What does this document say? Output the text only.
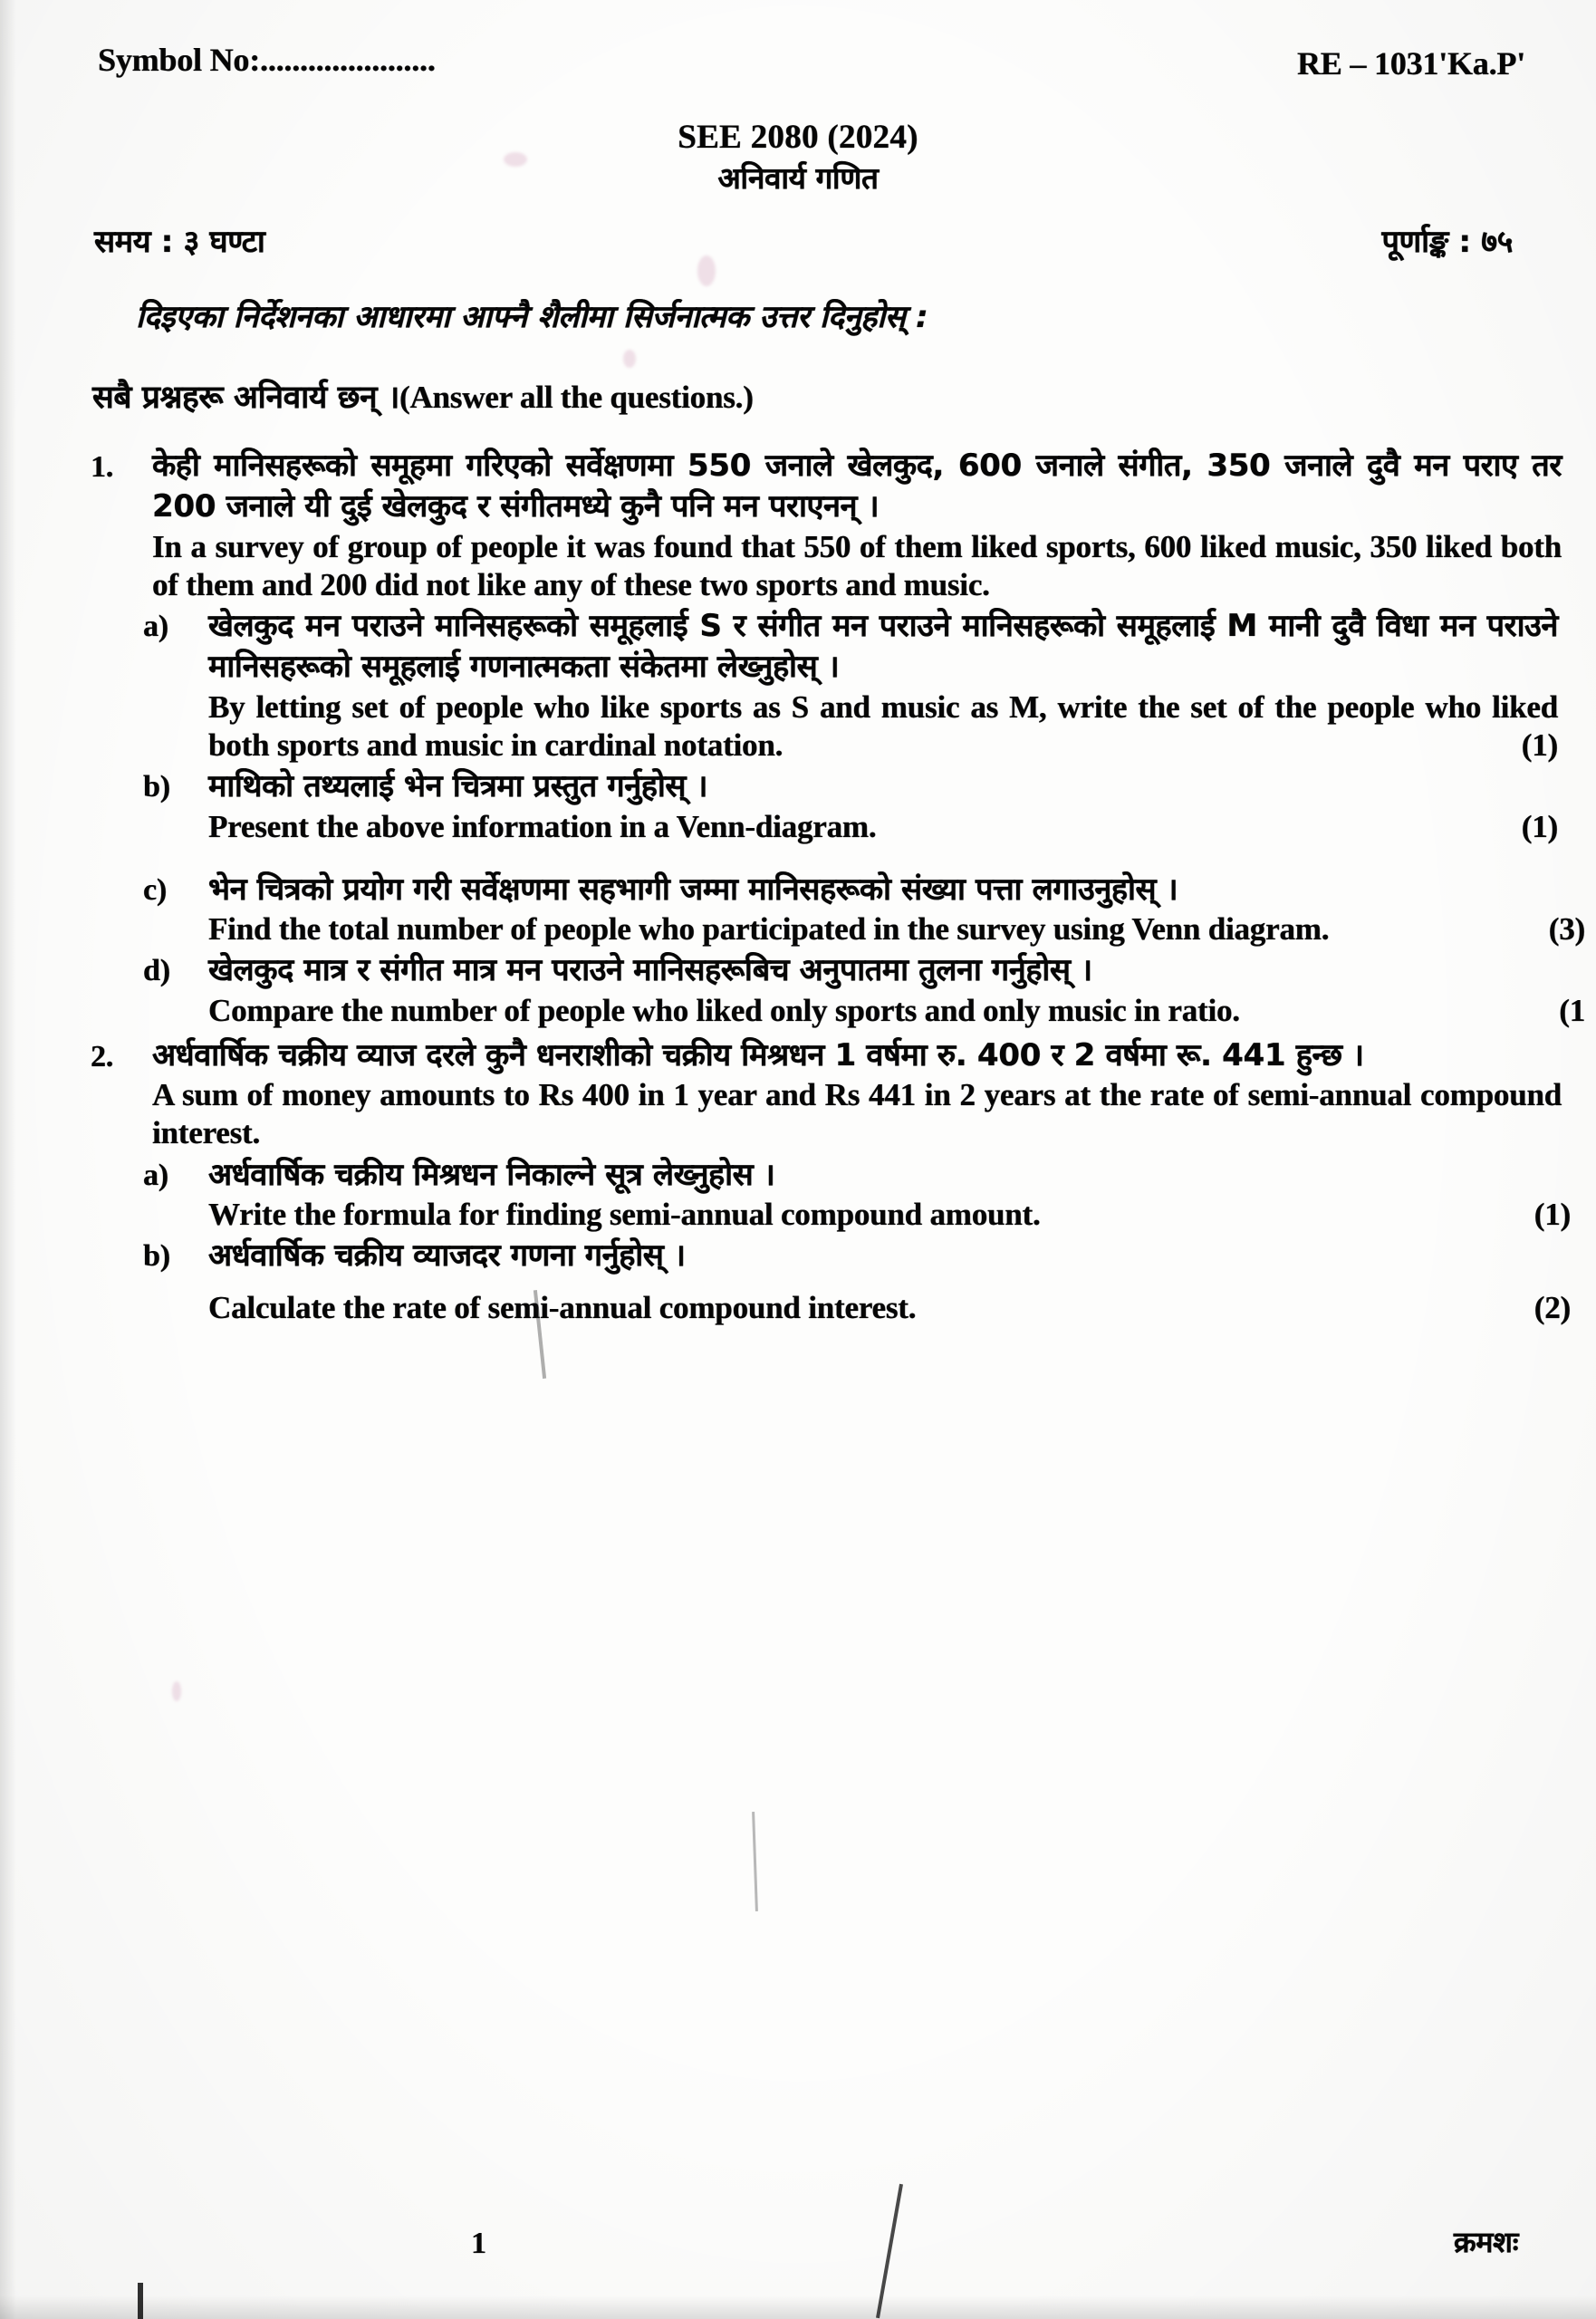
Symbol No:......................	RE – 1031'Ka.P'
SEE 2080 (2024)
अनिवार्य गणित
समय : ३ घण्टा	पूर्णाङ्क : ७५
दिइएका निर्देशनका आधारमा आफ्नै शैलीमा सिर्जनात्मक उत्तर दिनुहोस् :
सबै प्रश्नहरू अनिवार्य छन् ।(Answer all the questions.)
1.	केही मानिसहरूको समूहमा गरिएको सर्वेक्षणमा 550 जनाले खेलकुद, 600 जनाले संगीत, 350 जनाले दुवै मन पराए तर 200 जनाले यी दुई खेलकुद र संगीतमध्ये कुनै पनि मन पराएनन् ।

In a survey of group of people it was found that 550 of them liked sports, 600 liked music, 350 liked both of them and 200 did not like any of these two sports and music.

a)	खेलकुद मन पराउने मानिसहरूको समूहलाई S र संगीत मन पराउने मानिसहरूको समूहलाई M मानी दुवै विधा मन पराउने मानिसहरूको समूहलाई गणनात्मकता संकेतमा लेख्नुहोस् ।

By letting set of people who like sports as S and music as M, write the set of the people who liked both sports and music in cardinal notation.	(1)
b)	माथिको तथ्यलाई भेन चित्रमा प्रस्तुत गर्नुहोस् ।

Present the above information in a Venn-diagram.	(1)
c)	भेन चित्रको प्रयोग गरी सर्वेक्षणमा सहभागी जम्मा मानिसहरूको संख्या पत्ता लगाउनुहोस् ।

Find the total number of people who participated in the survey using Venn diagram.	(3)
d)	खेलकुद मात्र र संगीत मात्र मन पराउने मानिसहरूबिच अनुपातमा तुलना गर्नुहोस् ।

Compare the number of people who liked only sports and only music in ratio.	(1
2.	अर्धवार्षिक चक्रीय व्याज दरले कुनै धनराशीको चक्रीय मिश्रधन 1 वर्षमा रु. 400 र 2 वर्षमा रू. 441 हुन्छ ।

A sum of money amounts to Rs 400 in 1 year and Rs 441 in 2 years at the rate of semi-annual compound interest.

a)	अर्धवार्षिक चक्रीय मिश्रधन निकाल्ने सूत्र लेख्नुहोस ।

Write the formula for finding semi-annual compound amount.	(1)
b)	अर्धवार्षिक चक्रीय व्याजदर गणना गर्नुहोस् ।

Calculate the rate of semi-annual compound interest.	(2)
1	क्रमशः
